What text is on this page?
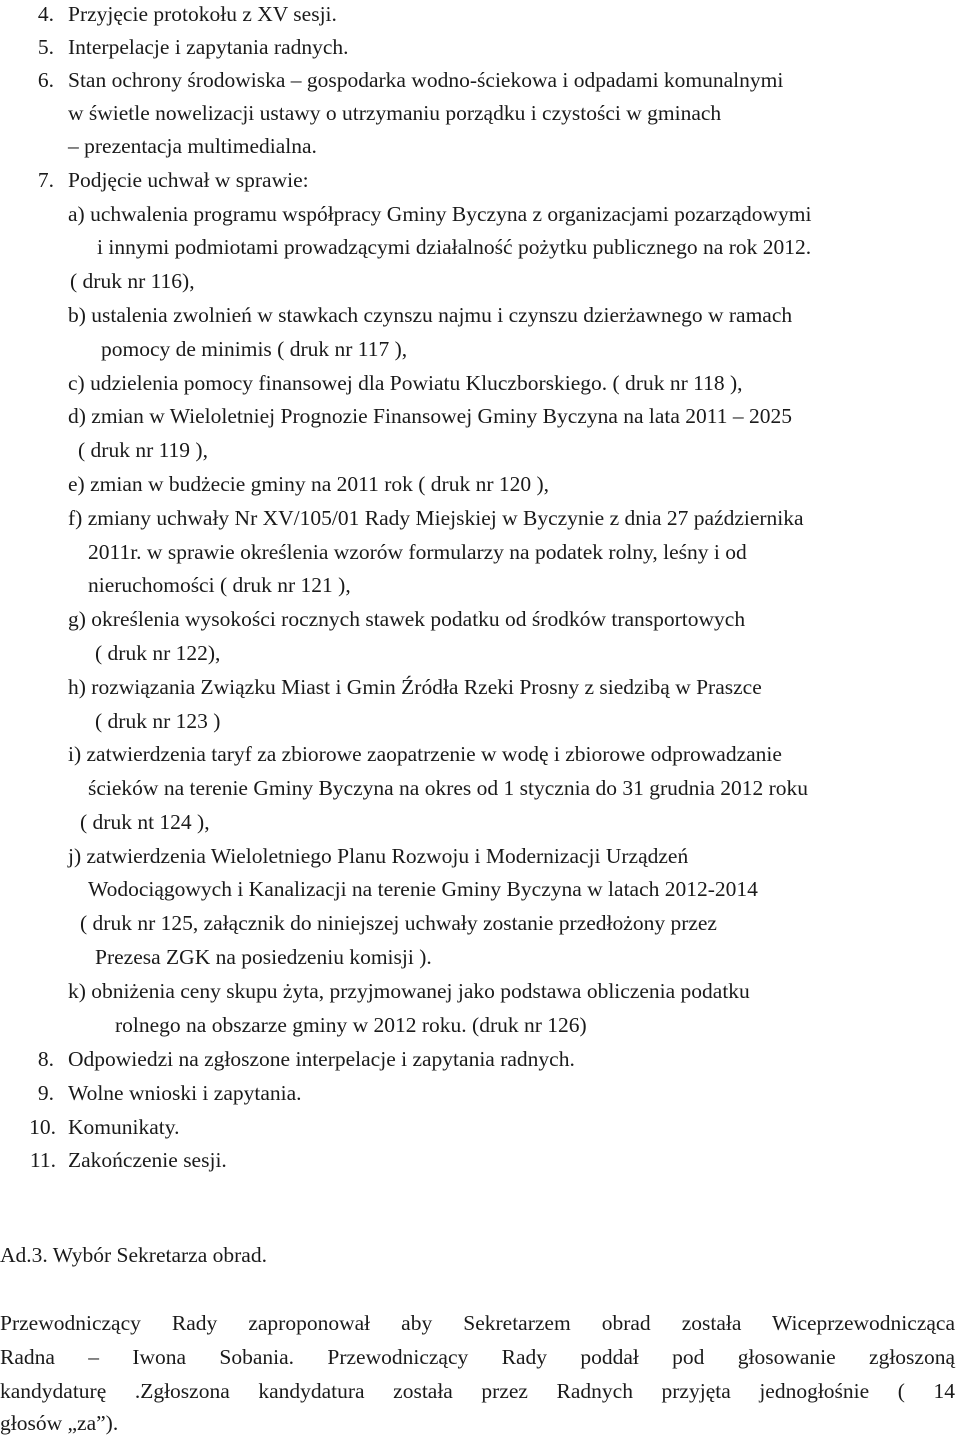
4. Przyjęcie protokołu z XV sesji.
5. Interpelacje i zapytania radnych.
6. Stan ochrony środowiska – gospodarka wodno-ściekowa i odpadami komunalnymi
w świetle nowelizacji ustawy o utrzymaniu porządku i czystości w gminach
– prezentacja multimedialna.
7. Podjęcie uchwał w sprawie:
a) uchwalenia programu współpracy Gminy Byczyna z organizacjami pozarządowymi
i innymi podmiotami prowadzącymi działalność pożytku publicznego na rok 2012.
( druk nr 116),
b) ustalenia zwolnień w stawkach czynszu najmu i czynszu dzierżawnego w ramach
pomocy de minimis ( druk nr 117 ),
c) udzielenia pomocy finansowej dla Powiatu Kluczborskiego. ( druk nr 118 ),
d) zmian w Wieloletniej Prognozie Finansowej Gminy Byczyna na lata 2011 – 2025
( druk nr 119 ),
e) zmian w budżecie gminy na 2011 rok ( druk nr 120 ),
f) zmiany uchwały Nr XV/105/01 Rady Miejskiej w Byczynie z dnia 27 października
2011r. w sprawie określenia wzorów formularzy na podatek rolny, leśny i od
nieruchomości ( druk nr 121 ),
g) określenia wysokości rocznych stawek podatku od środków transportowych
( druk nr 122),
h) rozwiązania Związku Miast i Gmin Źródła Rzeki Prosny z siedzibą w Praszce
( druk nr 123 )
i) zatwierdzenia taryf za zbiorowe zaopatrzenie w wodę i zbiorowe odprowadzanie
ścieków na terenie Gminy Byczyna na okres od 1 stycznia do 31 grudnia 2012 roku
( druk nt 124 ),
j) zatwierdzenia Wieloletniego Planu Rozwoju i Modernizacji Urządzeń
Wodociągowych i Kanalizacji na terenie Gminy Byczyna w latach 2012-2014
( druk nr 125, załącznik do niniejszej uchwały zostanie przedłożony przez
Prezesa ZGK na posiedzeniu komisji ).
k) obniżenia ceny skupu żyta, przyjmowanej jako podstawa obliczenia podatku
rolnego na obszarze gminy w 2012 roku. (druk nr 126)
8. Odpowiedzi na zgłoszone interpelacje i zapytania radnych.
9. Wolne wnioski i zapytania.
10. Komunikaty.
11. Zakończenie sesji.
Ad.3. Wybór Sekretarza obrad.
Przewodniczący Rady zaproponował aby Sekretarzem obrad została Wiceprzewodnicząca
Radna – Iwona Sobania. Przewodniczący Rady poddał pod głosowanie zgłoszoną
kandydaturę .Zgłoszona kandydatura została przez Radnych przyjęta jednogłośnie ( 14
głosów „za”).
